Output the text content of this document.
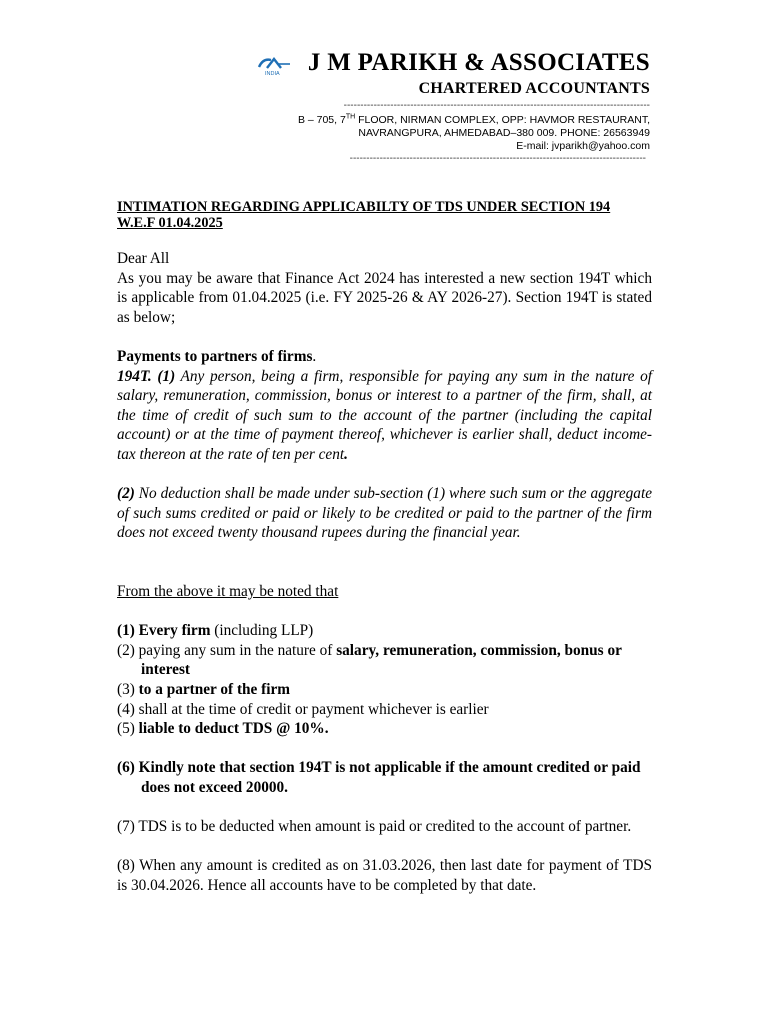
INDIA J M PARIKH & ASSOCIATES
CHARTERED ACCOUNTANTS
--------------------------------------------------------------------------------------------
B – 705, 7TH FLOOR, NIRMAN COMPLEX, OPP: HAVMOR RESTAURANT,
NAVRANGPURA, AHMEDABAD–380 009. PHONE: 26563949
E-mail: jvparikh@yahoo.com
-----------------------------------------------------------------------------------------

INTIMATION REGARDING APPLICABILTY OF TDS UNDER SECTION 194
W.E.F 01.04.2025

Dear All

As you may be aware that Finance Act 2024 has interested a new section 194T which is applicable from 01.04.2025 (i.e. FY 2025-26 & AY 2026-27). Section 194T is stated as below;

Payments to partners of firms.

194T. (1) Any person, being a firm, responsible for paying any sum in the nature of salary, remuneration, commission, bonus or interest to a partner of the firm, shall, at the time of credit of such sum to the account of the partner (including the capital account) or at the time of payment thereof, whichever is earlier shall, deduct income-tax thereon at the rate of ten per cent.

(2) No deduction shall be made under sub-section (1) where such sum or the aggregate of such sums credited or paid or likely to be credited or paid to the partner of the firm does not exceed twenty thousand rupees during the financial year.

From the above it may be noted that

(1) Every firm (including LLP)

(2) paying any sum in the nature of salary, remuneration, commission, bonus or interest

(3) to a partner of the firm

(4) shall at the time of credit or payment whichever is earlier

(5) liable to deduct TDS @ 10%.

(6) Kindly note that section 194T is not applicable if the amount credited or paid does not exceed 20000.

(7) TDS is to be deducted when amount is paid or credited to the account of partner.

(8) When any amount is credited as on 31.03.2026, then last date for payment of TDS is 30.04.2026. Hence all accounts have to be completed by that date.
